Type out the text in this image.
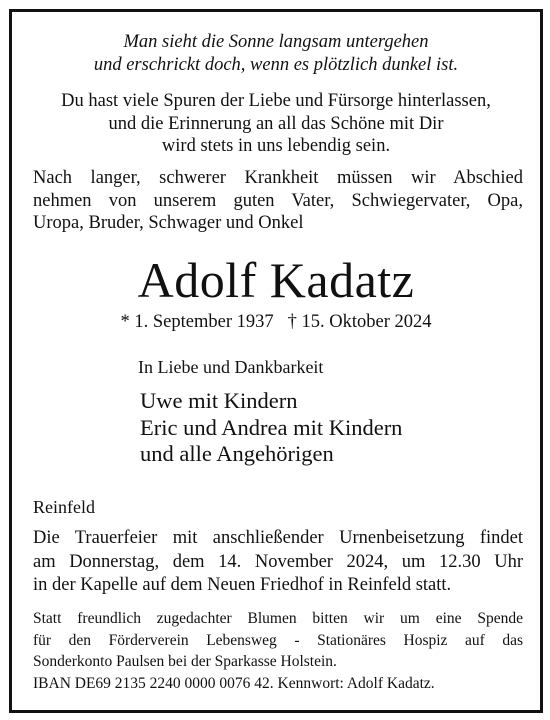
Man sieht die Sonne langsam untergehen
und erschrickt doch, wenn es plötzlich dunkel ist.
Du hast viele Spuren der Liebe und Fürsorge hinterlassen,
und die Erinnerung an all das Schöne mit Dir
wird stets in uns lebendig sein.
Nach langer, schwerer Krankheit müssen wir Abschied
nehmen von unserem guten Vater, Schwiegervater, Opa,
Uropa, Bruder, Schwager und Onkel
Adolf Kadatz
* 1. September 1937 † 15. Oktober 2024
In Liebe und Dankbarkeit
Uwe mit Kindern
Eric und Andrea mit Kindern
und alle Angehörigen
Reinfeld
Die Trauerfeier mit anschließender Urnenbeisetzung findet
am Donnerstag, dem 14. November 2024, um 12.30 Uhr
in der Kapelle auf dem Neuen Friedhof in Reinfeld statt.
Statt freundlich zugedachter Blumen bitten wir um eine Spende
für den Förderverein Lebensweg - Stationäres Hospiz auf das
Sonderkonto Paulsen bei der Sparkasse Holstein.
IBAN DE69 2135 2240 0000 0076 42. Kennwort: Adolf Kadatz.
